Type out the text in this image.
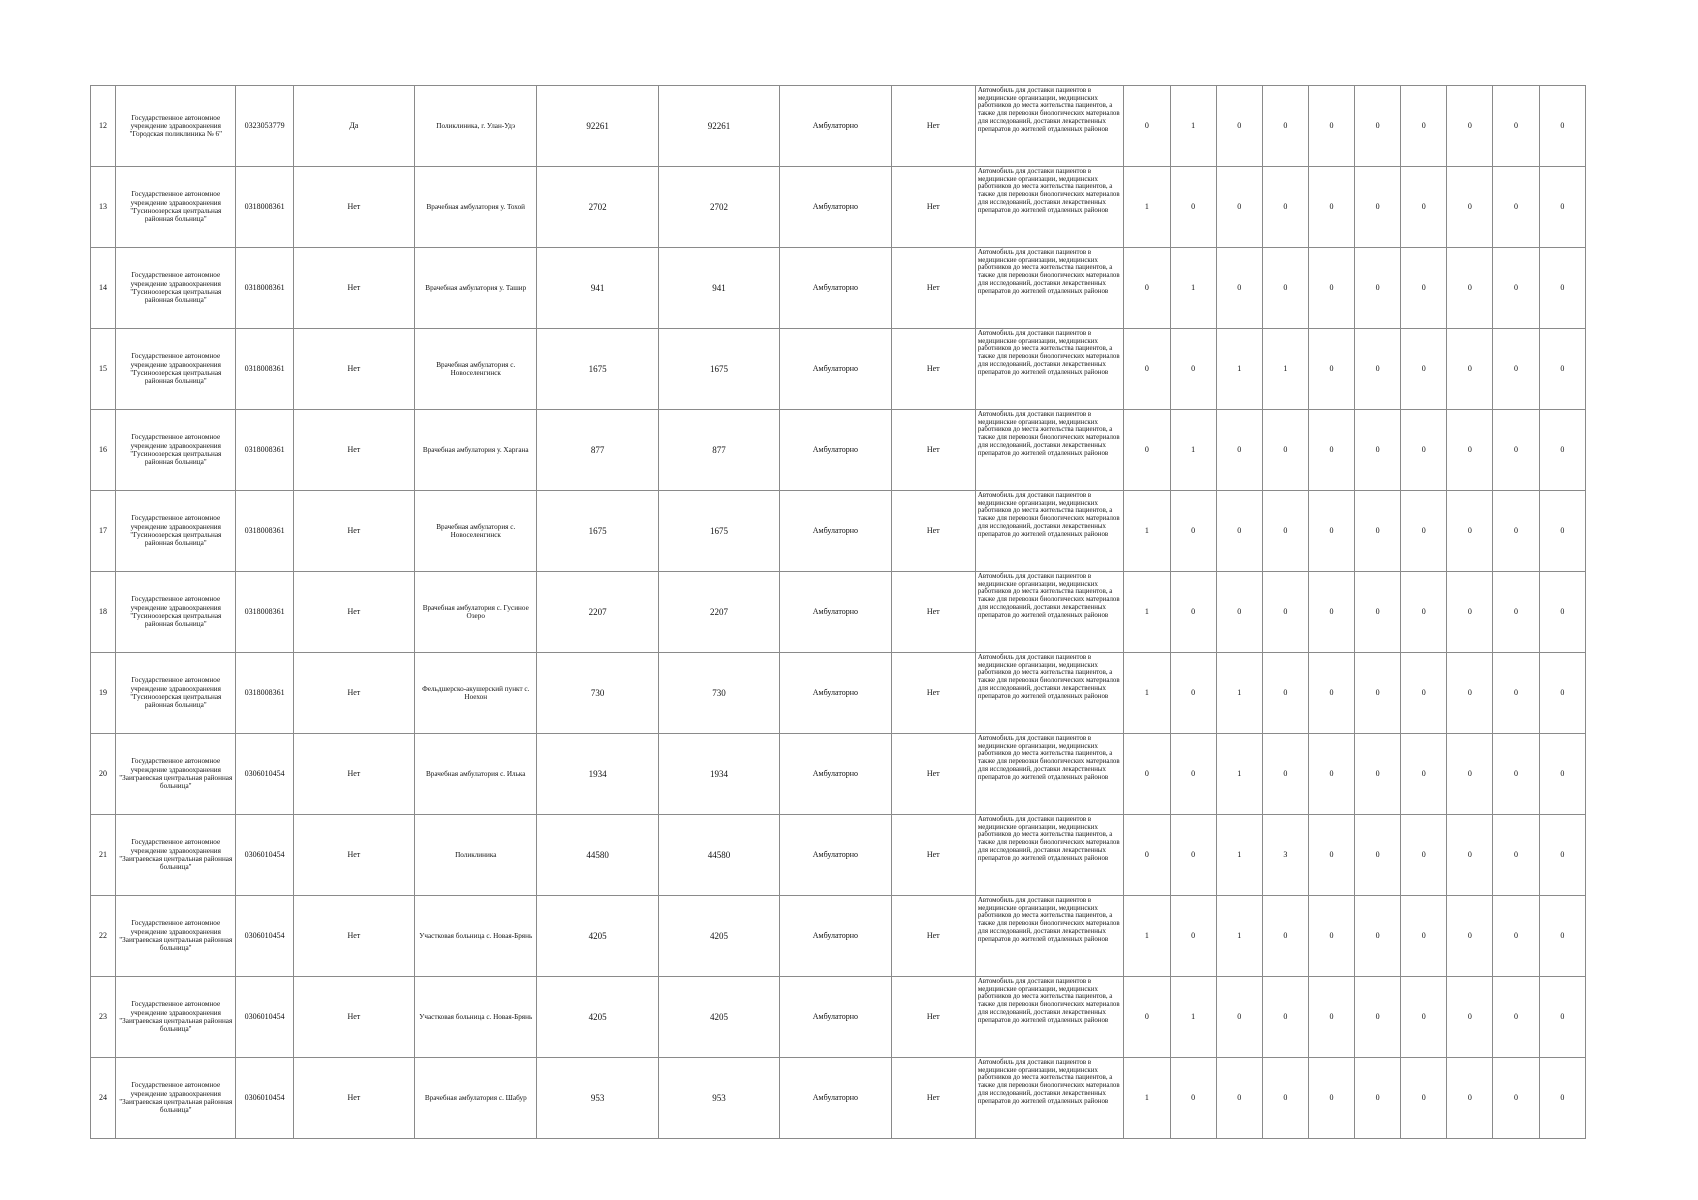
12	Государственное автономное учреждение здравоохранения "Городская поликлиника № 6"	0323053779	Да	Поликлиника, г. Улан-Удэ	92261	92261	Амбулаторно	Нет	Автомобиль для доставки пациентов в медицинские организации, медицинских работников до места жительства пациентов, а также для перевозки биологических материалов для исследований, доставки лекарственных препаратов до жителей отдаленных районов	0	1	0	0	0	0	0	0	0	0
13	Государственное автономное учреждение здравоохранения "Гусиноозерская центральная районная больница"	0318008361	Нет	Врачебная амбулатория у. Тохой	2702	2702	Амбулаторно	Нет	Автомобиль для доставки пациентов в медицинские организации, медицинских работников до места жительства пациентов, а также для перевозки биологических материалов для исследований, доставки лекарственных препаратов до жителей отдаленных районов	1	0	0	0	0	0	0	0	0	0
14	Государственное автономное учреждение здравоохранения "Гусиноозерская центральная районная больница"	0318008361	Нет	Врачебная амбулатория у. Ташир	941	941	Амбулаторно	Нет	Автомобиль для доставки пациентов в медицинские организации, медицинских работников до места жительства пациентов, а также для перевозки биологических материалов для исследований, доставки лекарственных препаратов до жителей отдаленных районов	0	1	0	0	0	0	0	0	0	0
15	Государственное автономное учреждение здравоохранения "Гусиноозерская центральная районная больница"	0318008361	Нет	Врачебная амбулатория с. Новоселенгинск	1675	1675	Амбулаторно	Нет	Автомобиль для доставки пациентов в медицинские организации, медицинских работников до места жительства пациентов, а также для перевозки биологических материалов для исследований, доставки лекарственных препаратов до жителей отдаленных районов	0	0	1	1	0	0	0	0	0	0
16	Государственное автономное учреждение здравоохранения "Гусиноозерская центральная районная больница"	0318008361	Нет	Врачебная амбулатория у. Харгана	877	877	Амбулаторно	Нет	Автомобиль для доставки пациентов в медицинские организации, медицинских работников до места жительства пациентов, а также для перевозки биологических материалов для исследований, доставки лекарственных препаратов до жителей отдаленных районов	0	1	0	0	0	0	0	0	0	0
17	Государственное автономное учреждение здравоохранения "Гусиноозерская центральная районная больница"	0318008361	Нет	Врачебная амбулатория с. Новоселенгинск	1675	1675	Амбулаторно	Нет	Автомобиль для доставки пациентов в медицинские организации, медицинских работников до места жительства пациентов, а также для перевозки биологических материалов для исследований, доставки лекарственных препаратов до жителей отдаленных районов	1	0	0	0	0	0	0	0	0	0
18	Государственное автономное учреждение здравоохранения "Гусиноозерская центральная районная больница"	0318008361	Нет	Врачебная амбулатория с. Гусиное Озеро	2207	2207	Амбулаторно	Нет	Автомобиль для доставки пациентов в медицинские организации, медицинских работников до места жительства пациентов, а также для перевозки биологических материалов для исследований, доставки лекарственных препаратов до жителей отдаленных районов	1	0	0	0	0	0	0	0	0	0
19	Государственное автономное учреждение здравоохранения "Гусиноозерская центральная районная больница"	0318008361	Нет	Фельдшерско-акушерский пункт с. Ноехон	730	730	Амбулаторно	Нет	Автомобиль для доставки пациентов в медицинские организации, медицинских работников до места жительства пациентов, а также для перевозки биологических материалов для исследований, доставки лекарственных препаратов до жителей отдаленных районов	1	0	1	0	0	0	0	0	0	0
20	Государственное автономное учреждение здравоохранения "Заиграевская центральная районная больница"	0306010454	Нет	Врачебная амбулатория с. Илька	1934	1934	Амбулаторно	Нет	Автомобиль для доставки пациентов в медицинские организации, медицинских работников до места жительства пациентов, а также для перевозки биологических материалов для исследований, доставки лекарственных препаратов до жителей отдаленных районов	0	0	1	0	0	0	0	0	0	0
21	Государственное автономное учреждение здравоохранения "Заиграевская центральная районная больница"	0306010454	Нет	Поликлиника	44580	44580	Амбулаторно	Нет	Автомобиль для доставки пациентов в медицинские организации, медицинских работников до места жительства пациентов, а также для перевозки биологических материалов для исследований, доставки лекарственных препаратов до жителей отдаленных районов	0	0	1	3	0	0	0	0	0	0
22	Государственное автономное учреждение здравоохранения "Заиграевская центральная районная больница"	0306010454	Нет	Участковая больница с. Новая-Брянь	4205	4205	Амбулаторно	Нет	Автомобиль для доставки пациентов в медицинские организации, медицинских работников до места жительства пациентов, а также для перевозки биологических материалов для исследований, доставки лекарственных препаратов до жителей отдаленных районов	1	0	1	0	0	0	0	0	0	0
23	Государственное автономное учреждение здравоохранения "Заиграевская центральная районная больница"	0306010454	Нет	Участковая больница с. Новая-Брянь	4205	4205	Амбулаторно	Нет	Автомобиль для доставки пациентов в медицинские организации, медицинских работников до места жительства пациентов, а также для перевозки биологических материалов для исследований, доставки лекарственных препаратов до жителей отдаленных районов	0	1	0	0	0	0	0	0	0	0
24	Государственное автономное учреждение здравоохранения "Заиграевская центральная районная больница"	0306010454	Нет	Врачебная амбулатория с. Шабур	953	953	Амбулаторно	Нет	Автомобиль для доставки пациентов в медицинские организации, медицинских работников до места жительства пациентов, а также для перевозки биологических материалов для исследований, доставки лекарственных препаратов до жителей отдаленных районов	1	0	0	0	0	0	0	0	0	0
